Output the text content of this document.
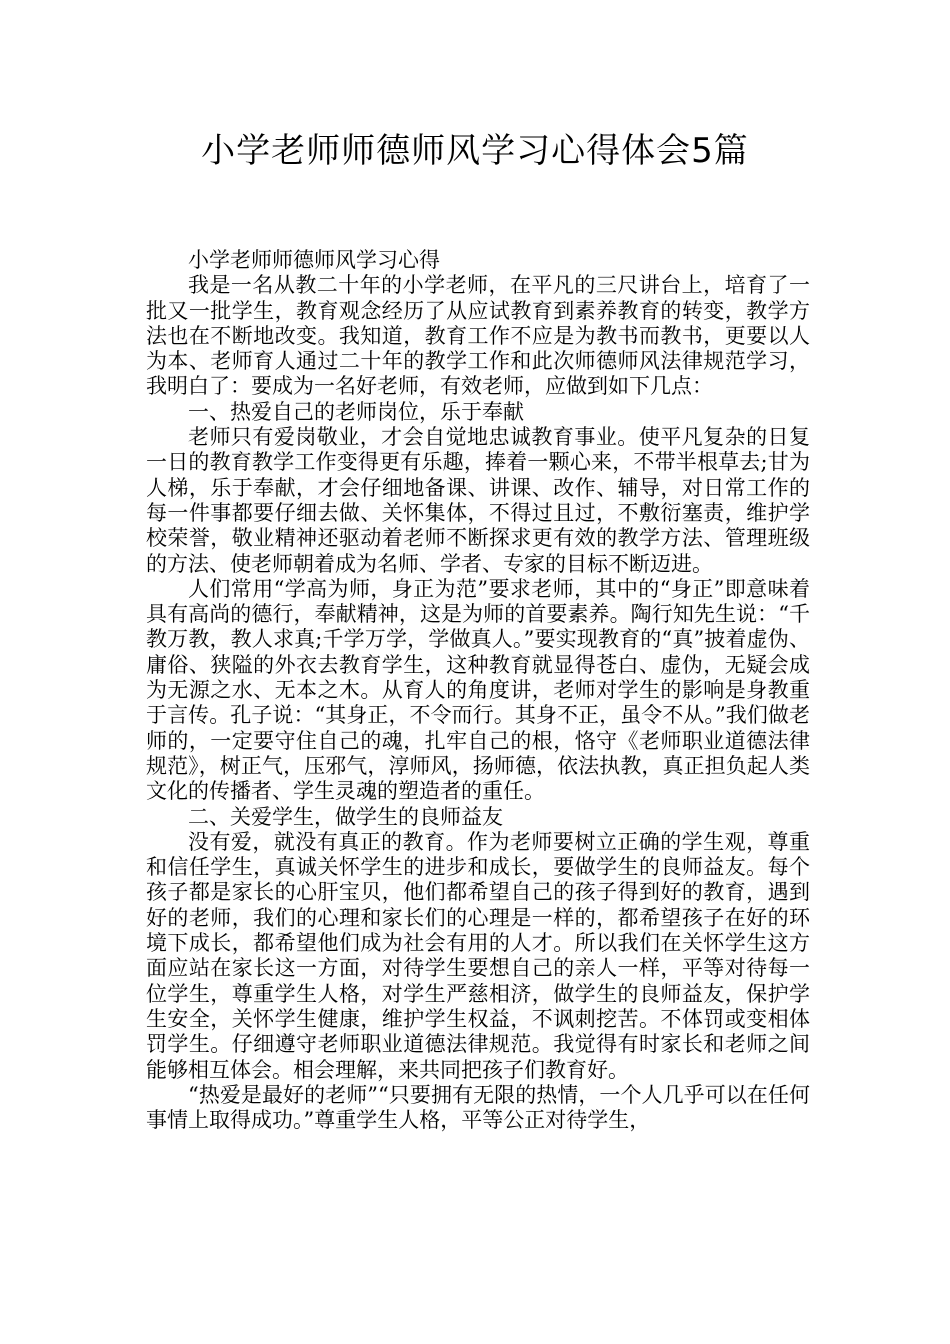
小学老师师德师风学习心得体会5篇

小学老师师德师风学习心得

我是一名从教二十年的小学老师，在平凡的三尺讲台上，培育了一批又一批学生，教育观念经历了从应试教育到素养教育的转变，教学方法也在不断地改变。我知道，教育工作不应是为教书而教书，更要以人为本、老师育人通过二十年的教学工作和此次师德师风法律规范学习，我明白了：要成为一名好老师，有效老师，应做到如下几点：

一、热爱自己的老师岗位，乐于奉献

老师只有爱岗敬业，才会自觉地忠诚教育事业。使平凡复杂的日复一日的教育教学工作变得更有乐趣，捧着一颗心来，不带半根草去;甘为人梯，乐于奉献，才会仔细地备课、讲课、改作、辅导，对日常工作的每一件事都要仔细去做、关怀集体，不得过且过，不敷衍塞责，维护学校荣誉，敬业精神还驱动着老师不断探求更有效的教学方法、管理班级的方法、使老师朝着成为名师、学者、专家的目标不断迈进。

人们常用“学高为师，身正为范”要求老师，其中的“身正”即意味着具有高尚的德行，奉献精神，这是为师的首要素养。陶行知先生说：“千教万教，教人求真;千学万学，学做真人。”要实现教育的“真”披着虚伪、庸俗、狭隘的外衣去教育学生，这种教育就显得苍白、虚伪，无疑会成为无源之水、无本之木。从育人的角度讲，老师对学生的影响是身教重于言传。孔子说：“其身正，不令而行。其身不正，虽令不从。”我们做老师的，一定要守住自己的魂，扎牢自己的根，恪守《老师职业道德法律规范》，树正气，压邪气，淳师风，扬师德，依法执教，真正担负起人类文化的传播者、学生灵魂的塑造者的重任。

二、关爱学生，做学生的良师益友

没有爱，就没有真正的教育。作为老师要树立正确的学生观，尊重和信任学生，真诚关怀学生的进步和成长，要做学生的良师益友。每个孩子都是家长的心肝宝贝，他们都希望自己的孩子得到好的教育，遇到好的老师，我们的心理和家长们的心理是一样的，都希望孩子在好的环境下成长，都希望他们成为社会有用的人才。所以我们在关怀学生这方面应站在家长这一方面，对待学生要想自己的亲人一样，平等对待每一位学生，尊重学生人格，对学生严慈相济，做学生的良师益友，保护学生安全，关怀学生健康，维护学生权益，不讽刺挖苦。不体罚或变相体罚学生。仔细遵守老师职业道德法律规范。我觉得有时家长和老师之间能够相互体会。相会理解，来共同把孩子们教育好。

“热爱是最好的老师”“只要拥有无限的热情，一个人几乎可以在任何事情上取得成功。”尊重学生人格，平等公正对待学生，
